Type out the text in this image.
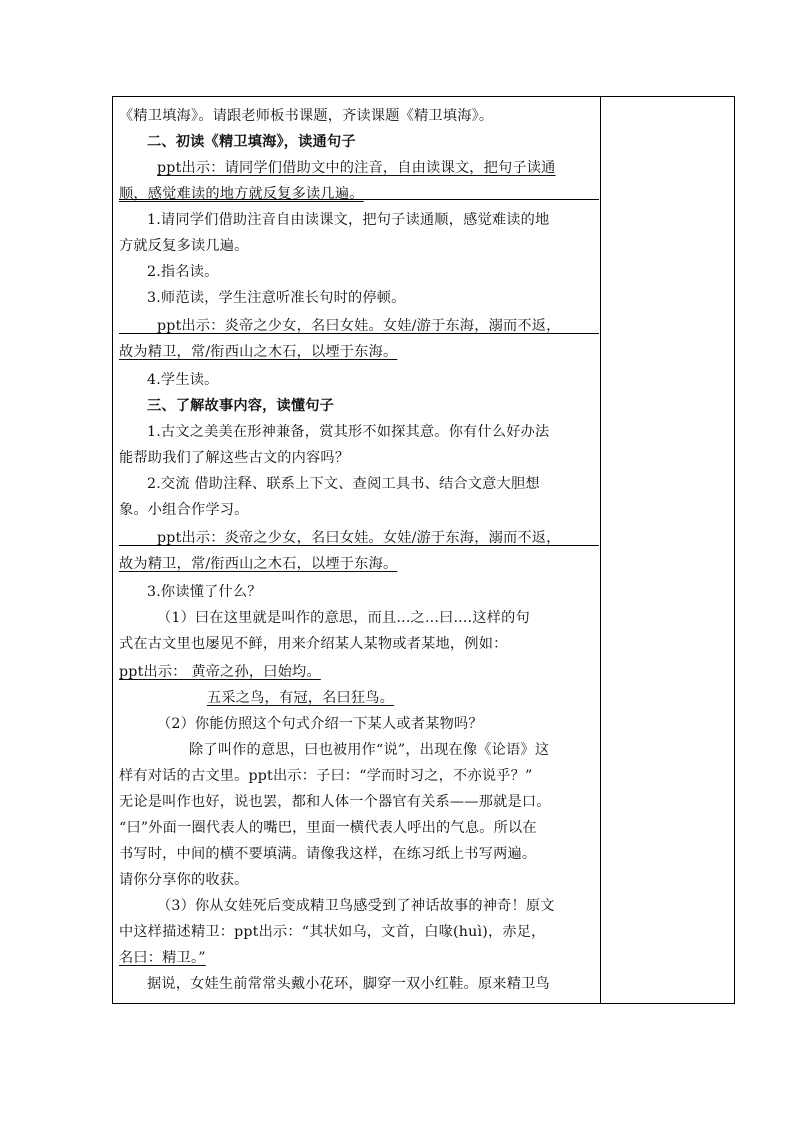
《精卫填海》。请跟老师板书课题，齐读课题《精卫填海》。
二、初读《精卫填海》，读通句子
ppt出示：请同学们借助文中的注音，自由读课文，把句子读通
顺，感觉难读的地方就反复多读几遍。
1.请同学们借助注音自由读课文，把句子读通顺，感觉难读的地
方就反复多读几遍。
2.指名读。
3.师范读，学生注意听准长句时的停顿。
ppt出示：炎帝之少女，名曰女娃。女娃/游于东海，溺而不返，
故为精卫，常/衔西山之木石，以堙于东海。
4.学生读。
三、了解故事内容，读懂句子
1.古文之美美在形神兼备，赏其形不如探其意。你有什么好办法
能帮助我们了解这些古文的内容吗？
2.交流 借助注释、联系上下文、查阅工具书、结合文意大胆想
象。小组合作学习。
ppt出示：炎帝之少女，名曰女娃。女娃/游于东海，溺而不返，
故为精卫，常/衔西山之木石，以堙于东海。
3.你读懂了什么？
（1）曰在这里就是叫作的意思，而且...之...曰....这样的句
式在古文里也屡见不鲜，用来介绍某人某物或者某地，例如：
ppt出示： 黄帝之孙，曰始均。
五采之鸟，有冠，名曰狂鸟。
（2）你能仿照这个句式介绍一下某人或者某物吗？
除了叫作的意思，曰也被用作“说”，出现在像《论语》这
样有对话的古文里。ppt出示：子曰：“学而时习之，不亦说乎？”
无论是叫作也好，说也罢，都和人体一个器官有关系——那就是口。
“曰”外面一圈代表人的嘴巴，里面一横代表人呼出的气息。所以在
书写时，中间的横不要填满。请像我这样，在练习纸上书写两遍。
请你分享你的收获。
（3）你从女娃死后变成精卫鸟感受到了神话故事的神奇！原文
中这样描述精卫：ppt出示：“其状如乌，文首，白喙(huì)，赤足，
名曰：精卫。”
据说，女娃生前常常头戴小花环，脚穿一双小红鞋。原来精卫鸟
